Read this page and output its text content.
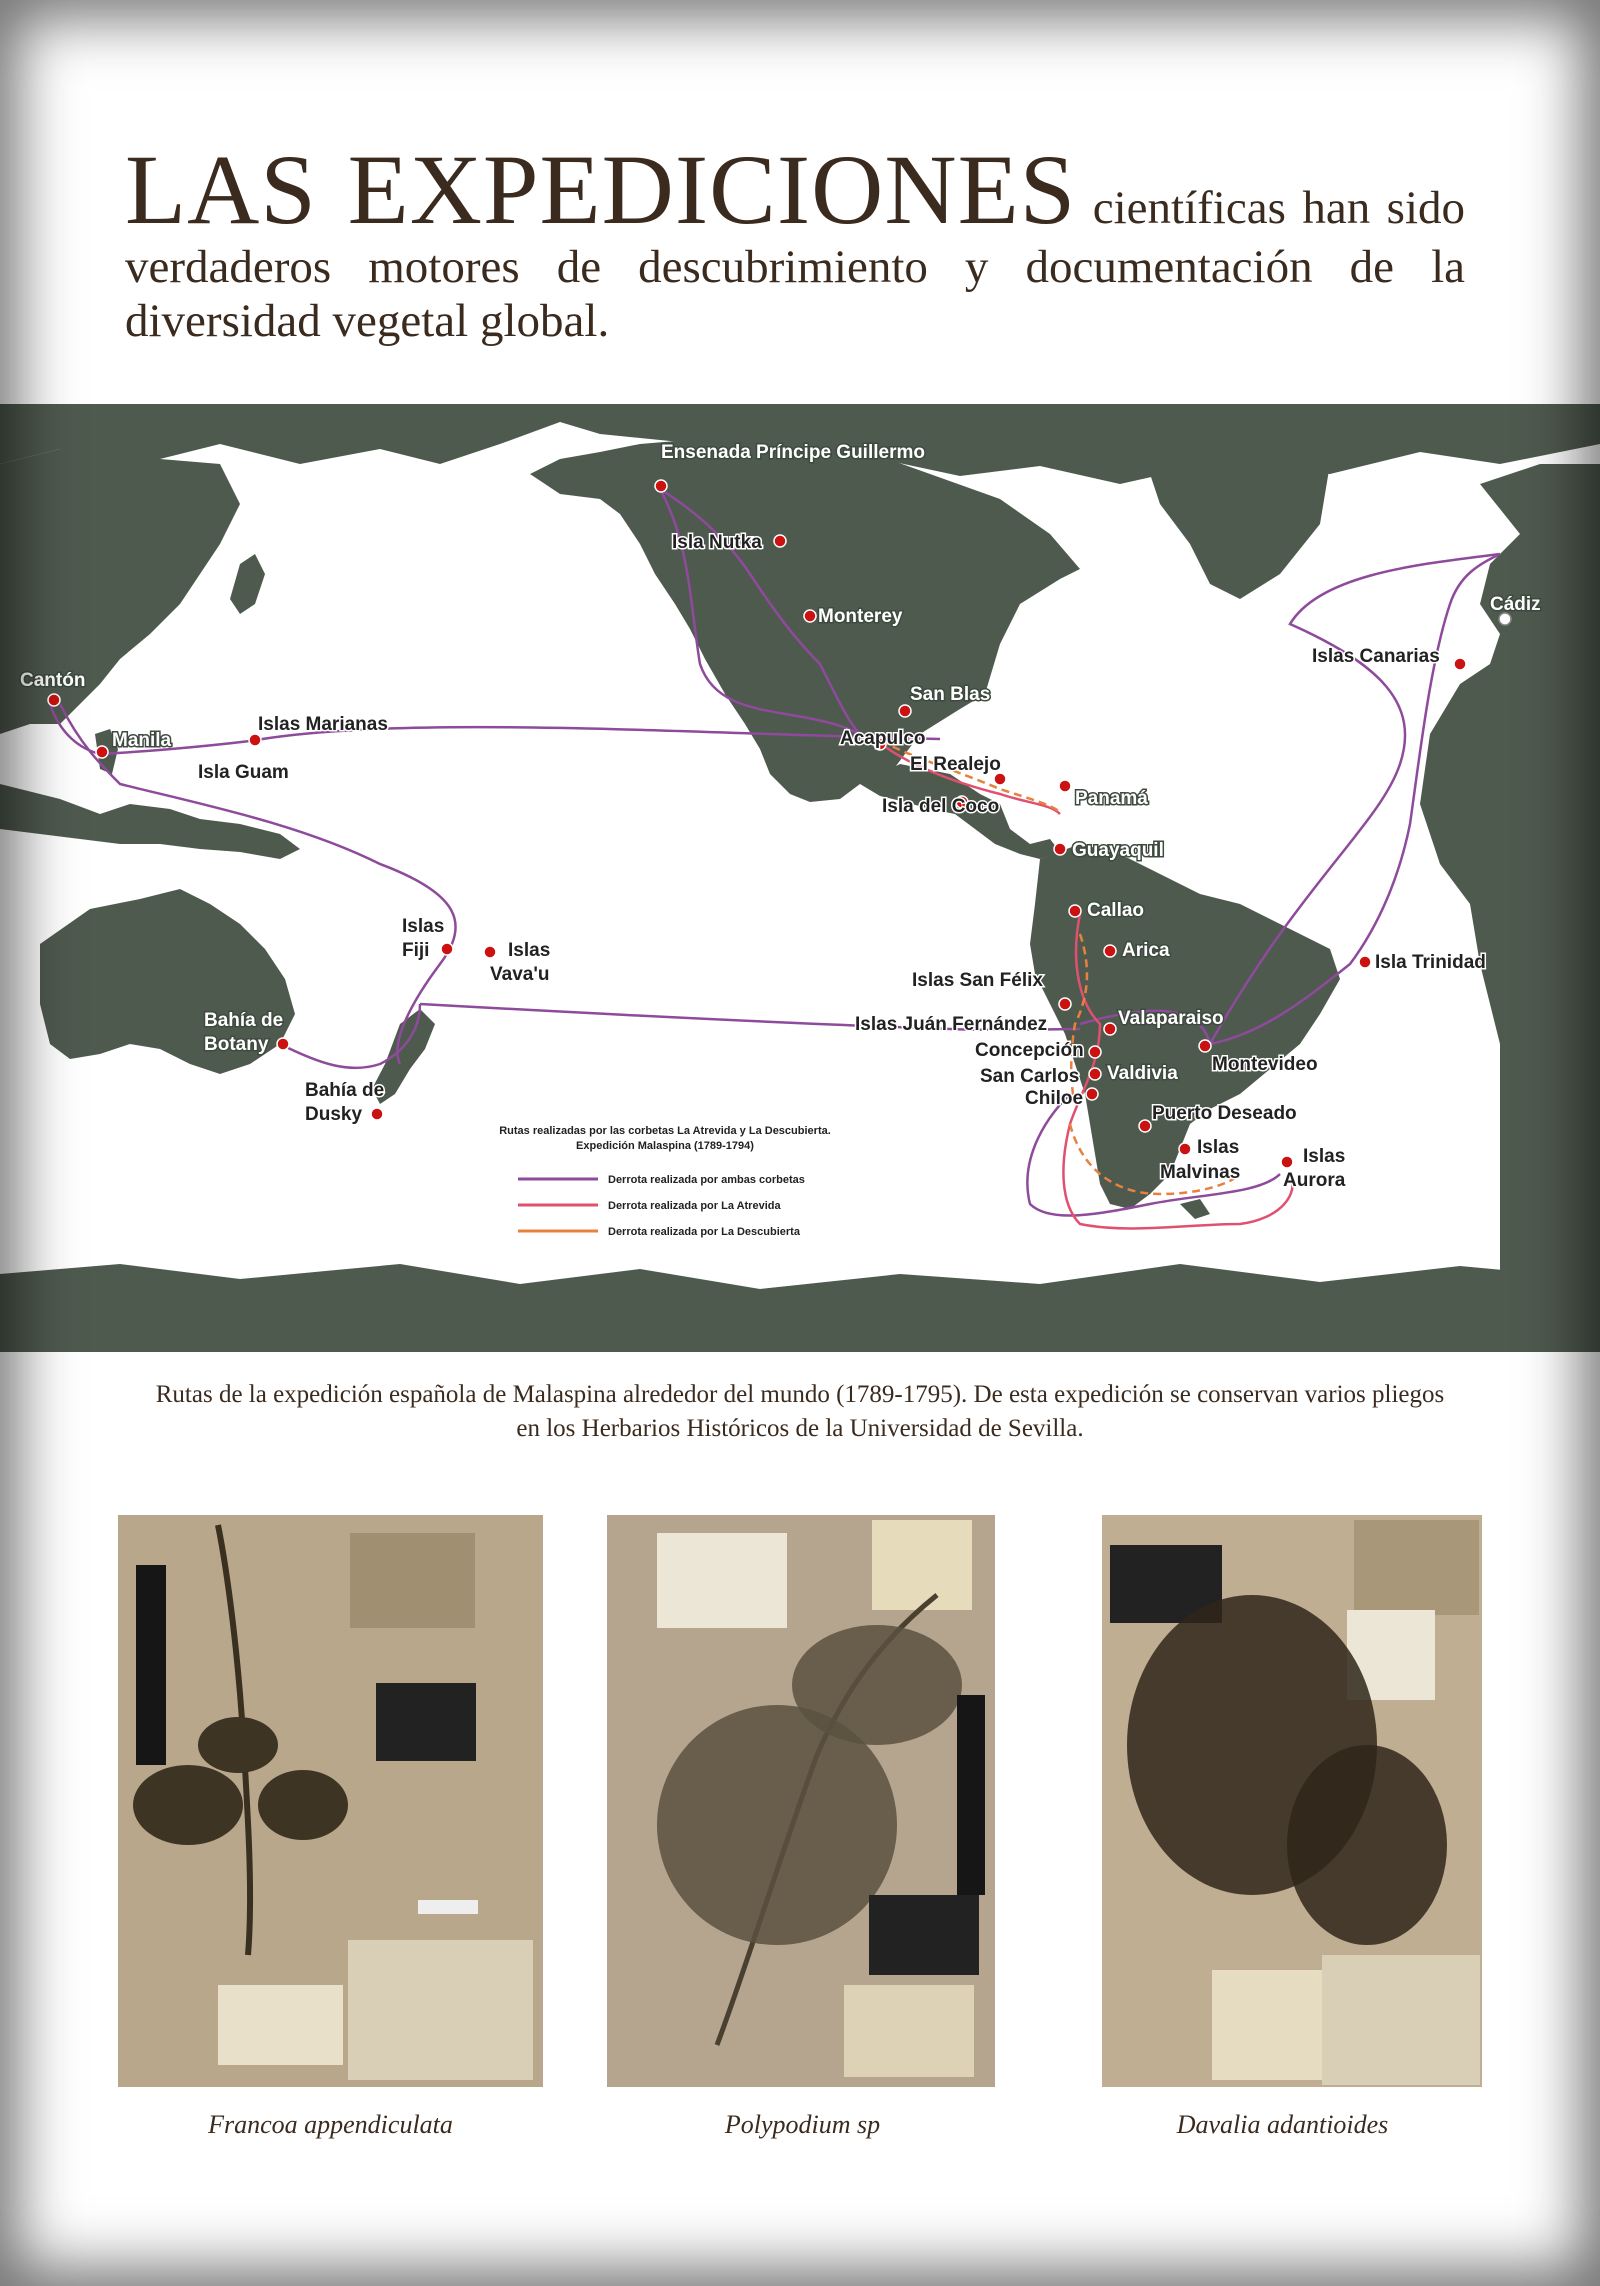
LAS EXPEDICIONES científicas han sido verdaderos motores de descubrimiento y documentación de la diversidad vegetal global.
Ensenada Príncipe Guillermo
Isla Nutka
Monterey
San Blas
Acapulco
El Realejo
Isla del Coco	Panamá
Guayaquil
Callao
Arica
Islas San Félix
Islas Juán Fernández	Valaparaiso
Concepción
San Carlos
Chiloe
Valdivia Montevideo
Puerto Deseado
Islas
Malvinas
Islas
Aurora
Isla Trinidad
Islas Canarias
Cádiz
Cantón
Manila
Islas Marianas
Isla Guam
Islas
Fiji	Islas
Vava'u
Bahía de
Botany
Bahía de
Dusky
Rutas realizadas por las corbetas La Atrevida y La Descubierta.
Expedición Malaspina (1789-1794)
Derrota realizada por ambas corbetas
Derrota realizada por La Atrevida
Derrota realizada por La Descubierta
Rutas de la expedición española de Malaspina alrededor del mundo (1789-1795). De esta expedición se conservan varios pliegos en los Herbarios Históricos de la Universidad de Sevilla.
Francoa appendiculata	Polypodium sp	Davalia adantioides
